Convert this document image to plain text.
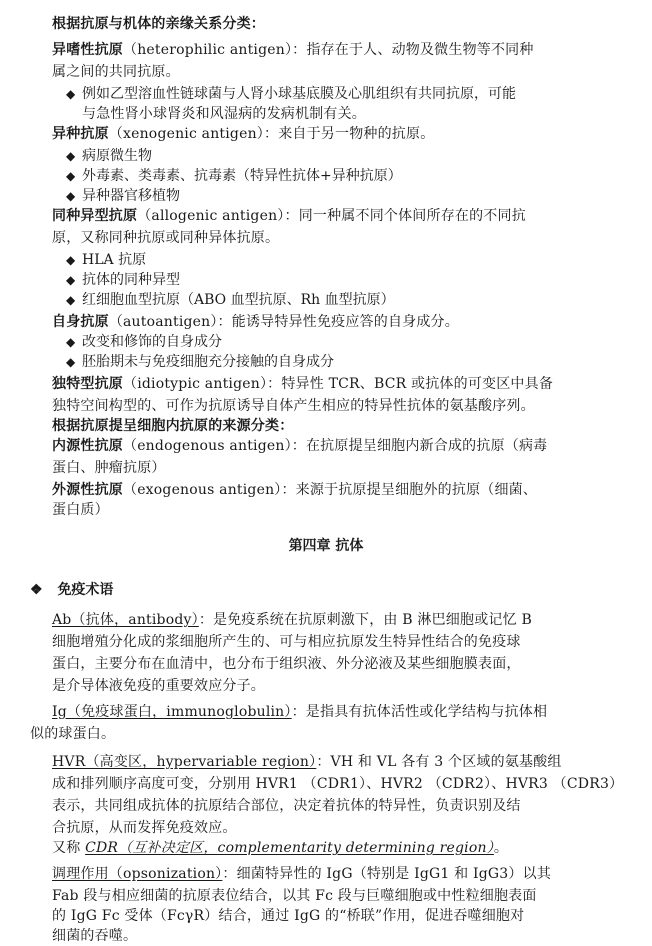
根据抗原与机体的亲缘关系分类：
异嗜性抗原（heterophilic antigen）：指存在于人、动物及微生物等不同种
属之间的共同抗原。
◆ 例如乙型溶血性链球菌与人肾小球基底膜及心肌组织有共同抗原，可能
与急性肾小球肾炎和风湿病的发病机制有关。
异种抗原（xenogenic antigen）：来自于另一物种的抗原。
◆ 病原微生物
◆ 外毒素、类毒素、抗毒素（特异性抗体+异种抗原）
◆ 异种器官移植物
同种异型抗原（allogenic antigen）：同一种属不同个体间所存在的不同抗
原，又称同种抗原或同种异体抗原。
◆ HLA 抗原
◆ 抗体的同种异型
◆ 红细胞血型抗原（ABO 血型抗原、Rh 血型抗原）
自身抗原（autoantigen）：能诱导特异性免疫应答的自身成分。
◆ 改变和修饰的自身成分
◆ 胚胎期未与免疫细胞充分接触的自身成分
独特型抗原（idiotypic antigen）：特异性 TCR、BCR 或抗体的可变区中具备
独特空间构型的、可作为抗原诱导自体产生相应的特异性抗体的氨基酸序列。
根据抗原提呈细胞内抗原的来源分类：
内源性抗原（endogenous antigen）：在抗原提呈细胞内新合成的抗原（病毒
蛋白、肿瘤抗原）
外源性抗原（exogenous antigen）：来源于抗原提呈细胞外的抗原（细菌、
蛋白质）
第四章 抗体
❖ 免疫术语
Ab（抗体，antibody）：是免疫系统在抗原刺激下，由 B 淋巴细胞或记忆 B
细胞增殖分化成的浆细胞所产生的、可与相应抗原发生特异性结合的免疫球
蛋白，主要分布在血清中，也分布于组织液、外分泌液及某些细胞膜表面，
是介导体液免疫的重要效应分子。
Ig（免疫球蛋白，immunoglobulin）：是指具有抗体活性或化学结构与抗体相
似的球蛋白。
HVR（高变区，hypervariable region）：VH 和 VL 各有 3 个区域的氨基酸组
成和排列顺序高度可变，分别用 HVR1 （CDR1）、HVR2 （CDR2）、HVR3 （CDR3）
表示，共同组成抗体的抗原结合部位，决定着抗体的特异性，负责识别及结
合抗原，从而发挥免疫效应。
又称 CDR（互补决定区，complementarity determining region）。
调理作用（opsonization）：细菌特异性的 IgG（特别是 IgG1 和 IgG3）以其
Fab 段与相应细菌的抗原表位结合，以其 Fc 段与巨噬细胞或中性粒细胞表面
的 IgG Fc 受体（FcγR）结合，通过 IgG 的“桥联”作用，促进吞噬细胞对
细菌的吞噬。
